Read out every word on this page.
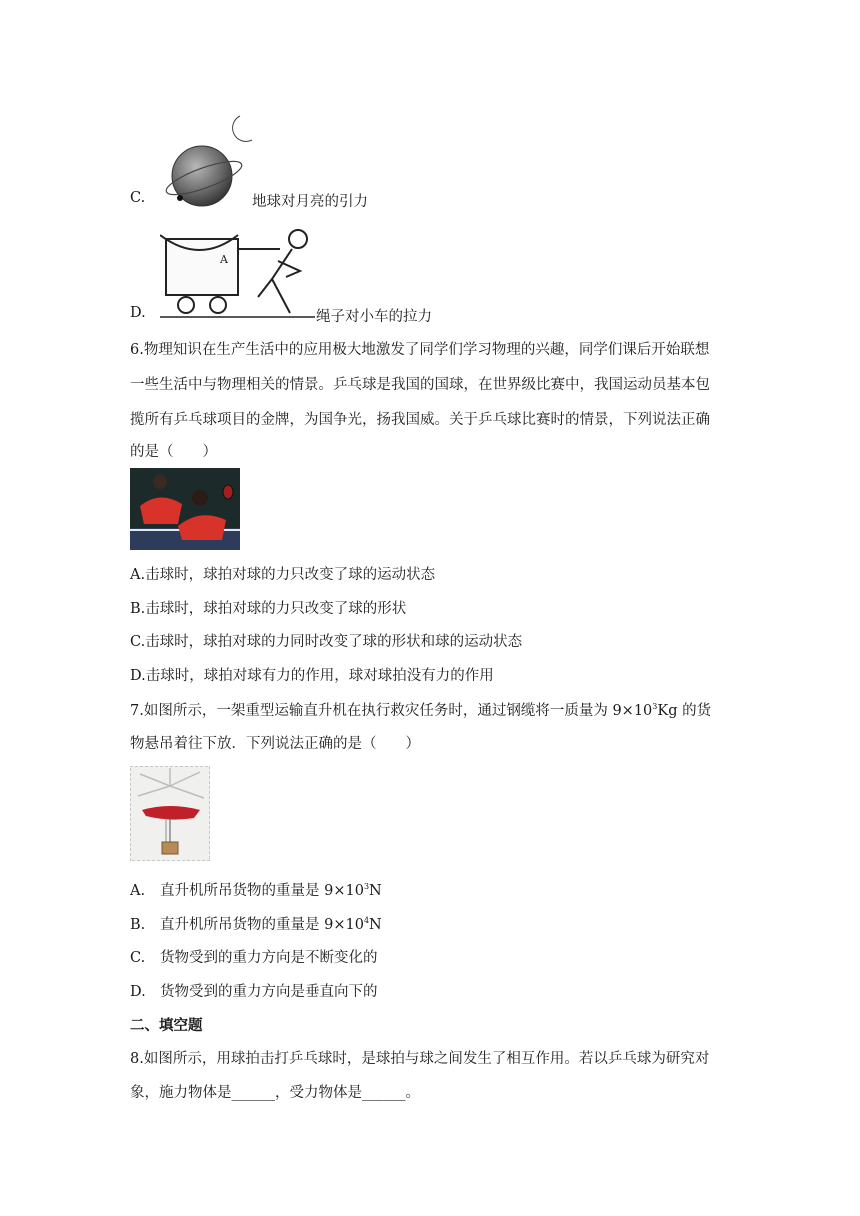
C.	地球对月亮的引力
D.
A
绳子对小车的拉力
6.物理知识在生产生活中的应用极大地激发了同学们学习物理的兴趣，同学们课后开始联想
一些生活中与物理相关的情景。乒乓球是我国的国球，在世界级比赛中，我国运动员基本包
揽所有乒乓球项目的金牌，为国争光，扬我国威。关于乒乓球比赛时的情景，下列说法正确
的是（　　）
A.击球时，球拍对球的力只改变了球的运动状态
B.击球时，球拍对球的力只改变了球的形状
C.击球时，球拍对球的力同时改变了球的形状和球的运动状态
D.击球时，球拍对球有力的作用，球对球拍没有力的作用
7.如图所示，一架重型运输直升机在执行救灾任务时，通过钢缆将一质量为 $9\times 10^3Kg$ 的货
物悬吊着往下放．下列说法正确的是（　　）
A. 直升机所吊货物的重量是 $9\times 10^3N$
B. 直升机所吊货物的重量是 $9\times 10^4N$
C. 货物受到的重力方向是不断变化的
D. 货物受到的重力方向是垂直向下的
二、填空题
8.如图所示，用球拍击打乒乓球时，是球拍与球之间发生了相互作用。若以乒乓球为研究对
象，施力物体是______，受力物体是______。
